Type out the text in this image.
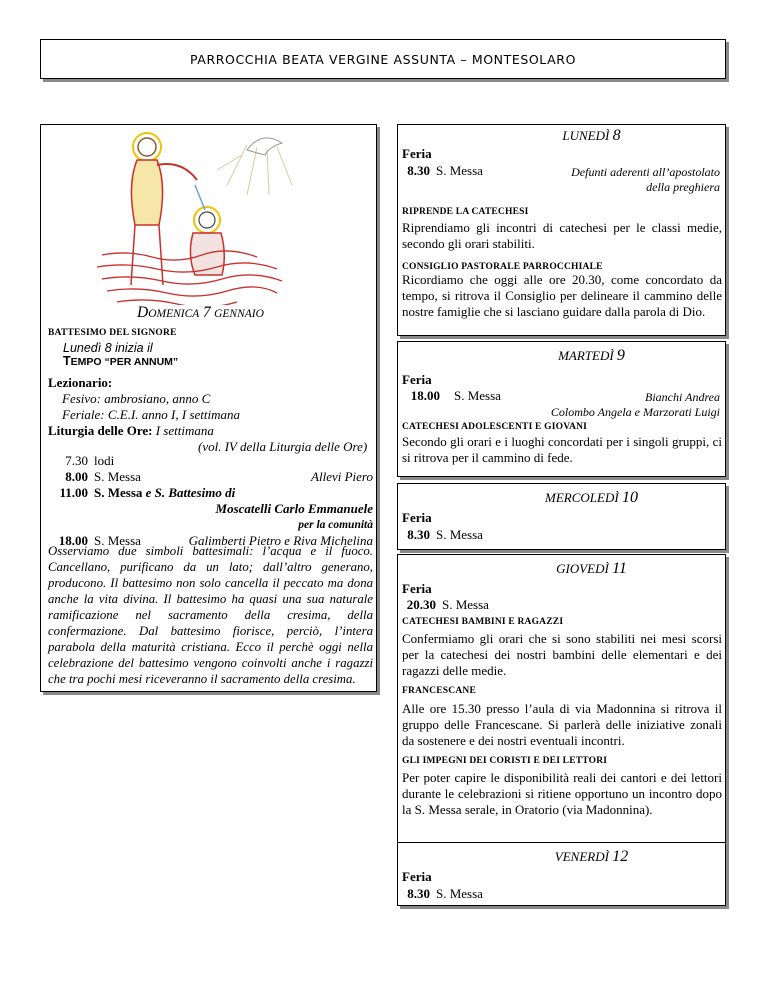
PARROCCHIA BEATA VERGINE ASSUNTA – MONTESOLARO
DOMENICA 7 GENNAIO
BATTESIMO DEL SIGNORE
Lunedì 8 inizia il
TEMPO “PER ANNUM”
Lezionario:
Fesivo: ambrosiano, anno C
Feriale: C.E.I. anno I, I settimana
Liturgia delle Ore: I settimana
(vol. IV della Liturgia delle Ore)
7.30 lodi
8.00 S. Messa	Allevi Piero
11.00 S. Messa e S. Battesimo di
Moscatelli Carlo Emmanuele
per la comunità
18.00 S. Messa	Galimberti Pietro e Riva Michelina
Osserviamo due simboli battesimali: l’acqua e il fuoco. Cancellano, purificano da un lato; dall’altro generano, producono. Il battesimo non solo cancella il peccato ma dona anche la vita divina. Il battesimo ha quasi una sua naturale ramificazione nel sacramento della cresima, della confermazione. Dal battesimo fiorisce, perciò, l’intera parabola della maturità cristiana. Ecco il perchè oggi nella celebrazione del battesimo vengono coinvolti anche i ragazzi che tra pochi mesi riceveranno il sacramento della cresima.
LUNEDÌ 8
Feria
8.30 S. Messa	Defunti aderenti all’apostolato
della preghiera
RIPRENDE LA CATECHESI
Riprendiamo gli incontri di catechesi per le classi medie, secondo gli orari stabiliti.
CONSIGLIO PASTORALE PARROCCHIALE
Ricordiamo che oggi alle ore 20.30, come concordato da tempo, si ritrova il Consiglio per delineare il cammino delle nostre famiglie che si lasciano guidare dalla parola di Dio.
MARTEDÌ 9
Feria
18.00 S. Messa	Bianchi Andrea
Colombo Angela e Marzorati Luigi
CATECHESI ADOLESCENTI E GIOVANI
Secondo gli orari e i luoghi concordati per i singoli gruppi, ci si ritrova per il cammino di fede.
MERCOLEDÌ 10
Feria
8.30 S. Messa
GIOVEDÌ 11
Feria
20.30 S. Messa
CATECHESI BAMBINI E RAGAZZI
Confermiamo gli orari che si sono stabiliti nei mesi scorsi per la catechesi dei nostri bambini delle elementari e dei ragazzi delle medie.
FRANCESCANE
Alle ore 15.30 presso l’aula di via Madonnina si ritrova il gruppo delle Francescane. Si parlerà delle iniziative zonali da sostenere e dei nostri eventuali incontri.
GLI IMPEGNI DEI CORISTI E DEI LETTORI
Per poter capire le disponibilità reali dei cantori e dei lettori durante le celebrazioni si ritiene opportuno un incontro dopo la S. Messa serale, in Oratorio (via Madonnina).
VENERDÌ 12
Feria
8.30 S. Messa
